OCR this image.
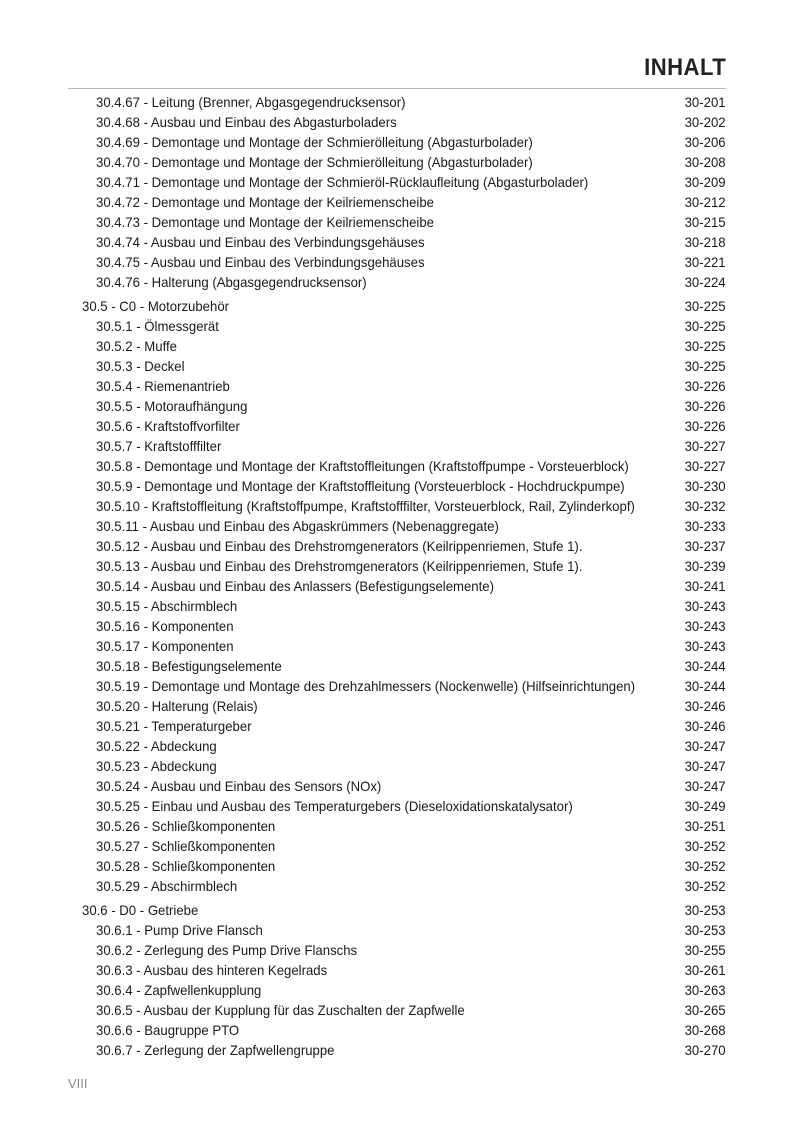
INHALT
30.4.67 - Leitung (Brenner, Abgasgegendrucksensor)	30-201
30.4.68 - Ausbau und Einbau des Abgasturboladers	30-202
30.4.69 - Demontage und Montage der Schmierölleitung (Abgasturbolader)	30-206
30.4.70 - Demontage und Montage der Schmierölleitung (Abgasturbolader)	30-208
30.4.71 - Demontage und Montage der Schmieröl-Rücklaufleitung (Abgasturbolader)	30-209
30.4.72 - Demontage und Montage der Keilriemenscheibe	30-212
30.4.73 - Demontage und Montage der Keilriemenscheibe	30-215
30.4.74 - Ausbau und Einbau des Verbindungsgehäuses	30-218
30.4.75 - Ausbau und Einbau des Verbindungsgehäuses	30-221
30.4.76 - Halterung (Abgasgegendrucksensor)	30-224
30.5 - C0 - Motorzubehör	30-225
30.5.1 - Ölmessgerät	30-225
30.5.2 - Muffe	30-225
30.5.3 - Deckel	30-225
30.5.4 - Riemenantrieb	30-226
30.5.5 - Motoraufhängung	30-226
30.5.6 - Kraftstoffvorfilter	30-226
30.5.7 - Kraftstofffilter	30-227
30.5.8 - Demontage und Montage der Kraftstoffleitungen (Kraftstoffpumpe - Vorsteuerblock)	30-227
30.5.9 - Demontage und Montage der Kraftstoffleitung (Vorsteuerblock - Hochdruckpumpe)	30-230
30.5.10 - Kraftstoffleitung (Kraftstoffpumpe, Kraftstofffilter, Vorsteuerblock, Rail, Zylinderkopf)	30-232
30.5.11 - Ausbau und Einbau des Abgaskrümmers (Nebenaggregate)	30-233
30.5.12 - Ausbau und Einbau des Drehstromgenerators (Keilrippenriemen, Stufe 1).	30-237
30.5.13 - Ausbau und Einbau des Drehstromgenerators (Keilrippenriemen, Stufe 1).	30-239
30.5.14 - Ausbau und Einbau des Anlassers (Befestigungselemente)	30-241
30.5.15 - Abschirmblech	30-243
30.5.16 - Komponenten	30-243
30.5.17 - Komponenten	30-243
30.5.18 - Befestigungselemente	30-244
30.5.19 - Demontage und Montage des Drehzahlmessers (Nockenwelle) (Hilfseinrichtungen)	30-244
30.5.20 - Halterung (Relais)	30-246
30.5.21 - Temperaturgeber	30-246
30.5.22 - Abdeckung	30-247
30.5.23 - Abdeckung	30-247
30.5.24 - Ausbau und Einbau des Sensors (NOx)	30-247
30.5.25 - Einbau und Ausbau des Temperaturgebers (Dieseloxidationskatalysator)	30-249
30.5.26 - Schließkomponenten	30-251
30.5.27 - Schließkomponenten	30-252
30.5.28 - Schließkomponenten	30-252
30.5.29 - Abschirmblech	30-252
30.6 - D0 - Getriebe	30-253
30.6.1 - Pump Drive Flansch	30-253
30.6.2 - Zerlegung des Pump Drive Flanschs	30-255
30.6.3 - Ausbau des hinteren Kegelrads	30-261
30.6.4 - Zapfwellenkupplung	30-263
30.6.5 - Ausbau der Kupplung für das Zuschalten der Zapfwelle	30-265
30.6.6 - Baugruppe PTO	30-268
30.6.7 - Zerlegung der Zapfwellengruppe	30-270
VIII
